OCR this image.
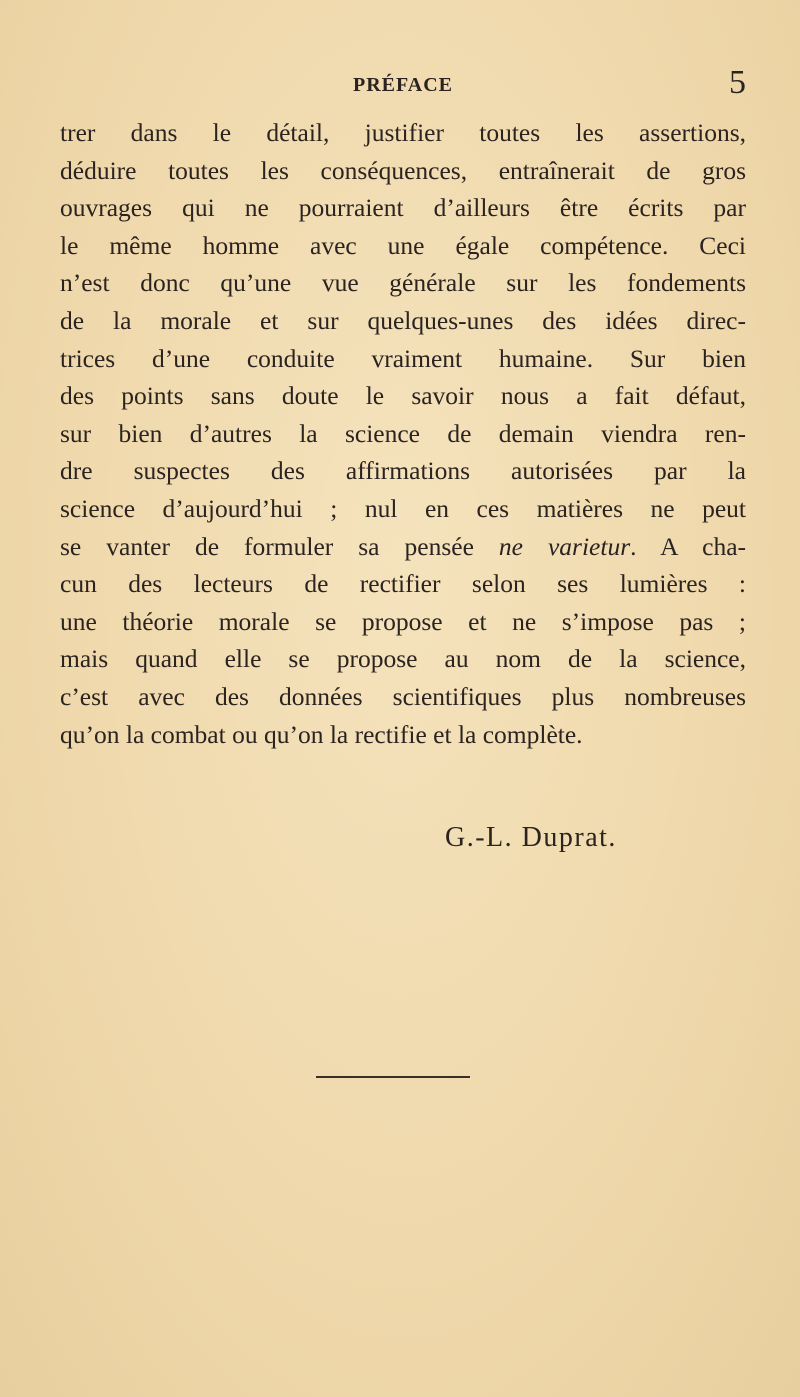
PRÉFACE	5
trer dans le détail, justifier toutes les assertions,
déduire toutes les conséquences, entraînerait de gros
ouvrages qui ne pourraient d’ailleurs être écrits par
le même homme avec une égale compétence. Ceci
n’est donc qu’une vue générale sur les fondements
de la morale et sur quelques-unes des idées direc-
trices d’une conduite vraiment humaine. Sur bien
des points sans doute le savoir nous a fait défaut,
sur bien d’autres la science de demain viendra ren-
dre suspectes des affirmations autorisées par la
science d’aujourd’hui ; nul en ces matières ne peut
se vanter de formuler sa pensée ne varietur. A cha-
cun des lecteurs de rectifier selon ses lumières :
une théorie morale se propose et ne s’impose pas ;
mais quand elle se propose au nom de la science,
c’est avec des données scientifiques plus nombreuses
qu’on la combat ou qu’on la rectifie et la complète.
G.-L. Duprat.
